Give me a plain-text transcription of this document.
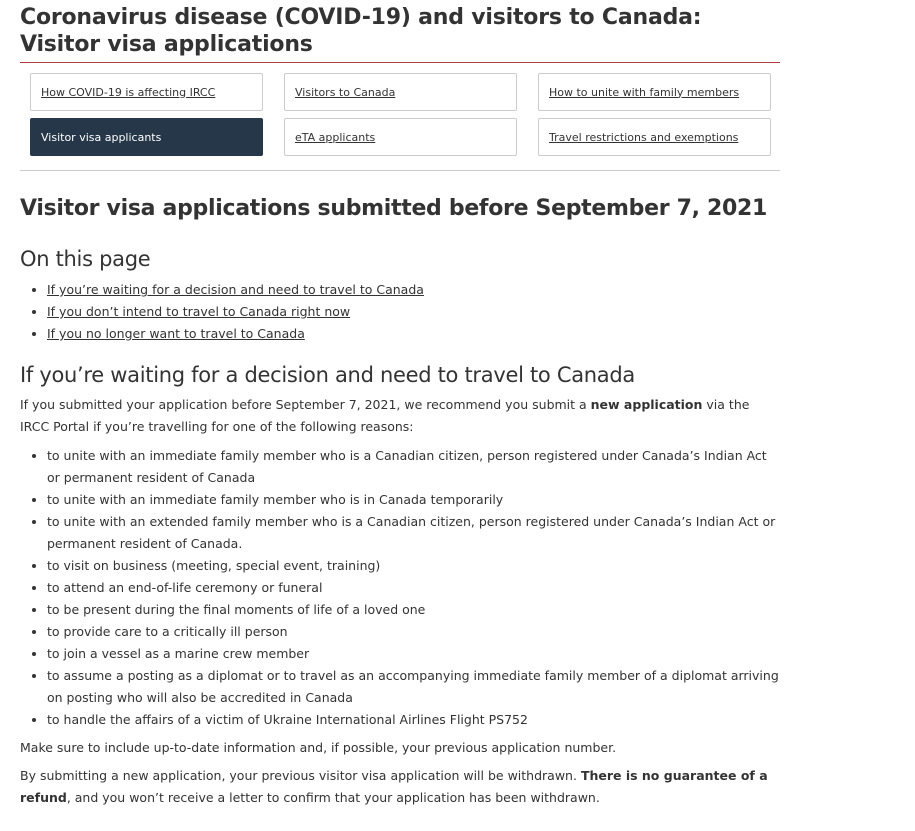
Coronavirus disease (COVID-19) and visitors to Canada: Visitor visa applications
How COVID-19 is affecting IRCC	Visitors to Canada	How to unite with family members
Visitor visa applicants	eTA applicants	Travel restrictions and exemptions
Visitor visa applications submitted before September 7, 2021
On this page
• If you’re waiting for a decision and need to travel to Canada
• If you don’t intend to travel to Canada right now
• If you no longer want to travel to Canada
If you’re waiting for a decision and need to travel to Canada

If you submitted your application before September 7, 2021, we recommend you submit a new application via the IRCC Portal if you’re travelling for one of the following reasons:

• to unite with an immediate family member who is a Canadian citizen, person registered under Canada’s Indian Act or permanent resident of Canada
• to unite with an immediate family member who is in Canada temporarily
• to unite with an extended family member who is a Canadian citizen, person registered under Canada’s Indian Act or permanent resident of Canada.
• to visit on business (meeting, special event, training)
• to attend an end-of-life ceremony or funeral
• to be present during the final moments of life of a loved one
• to provide care to a critically ill person
• to join a vessel as a marine crew member
• to assume a posting as a diplomat or to travel as an accompanying immediate family member of a diplomat arriving on posting who will also be accredited in Canada
• to handle the affairs of a victim of Ukraine International Airlines Flight PS752

Make sure to include up-to-date information and, if possible, your previous application number.

By submitting a new application, your previous visitor visa application will be withdrawn. There is no guarantee of a refund, and you won’t receive a letter to confirm that your application has been withdrawn.
